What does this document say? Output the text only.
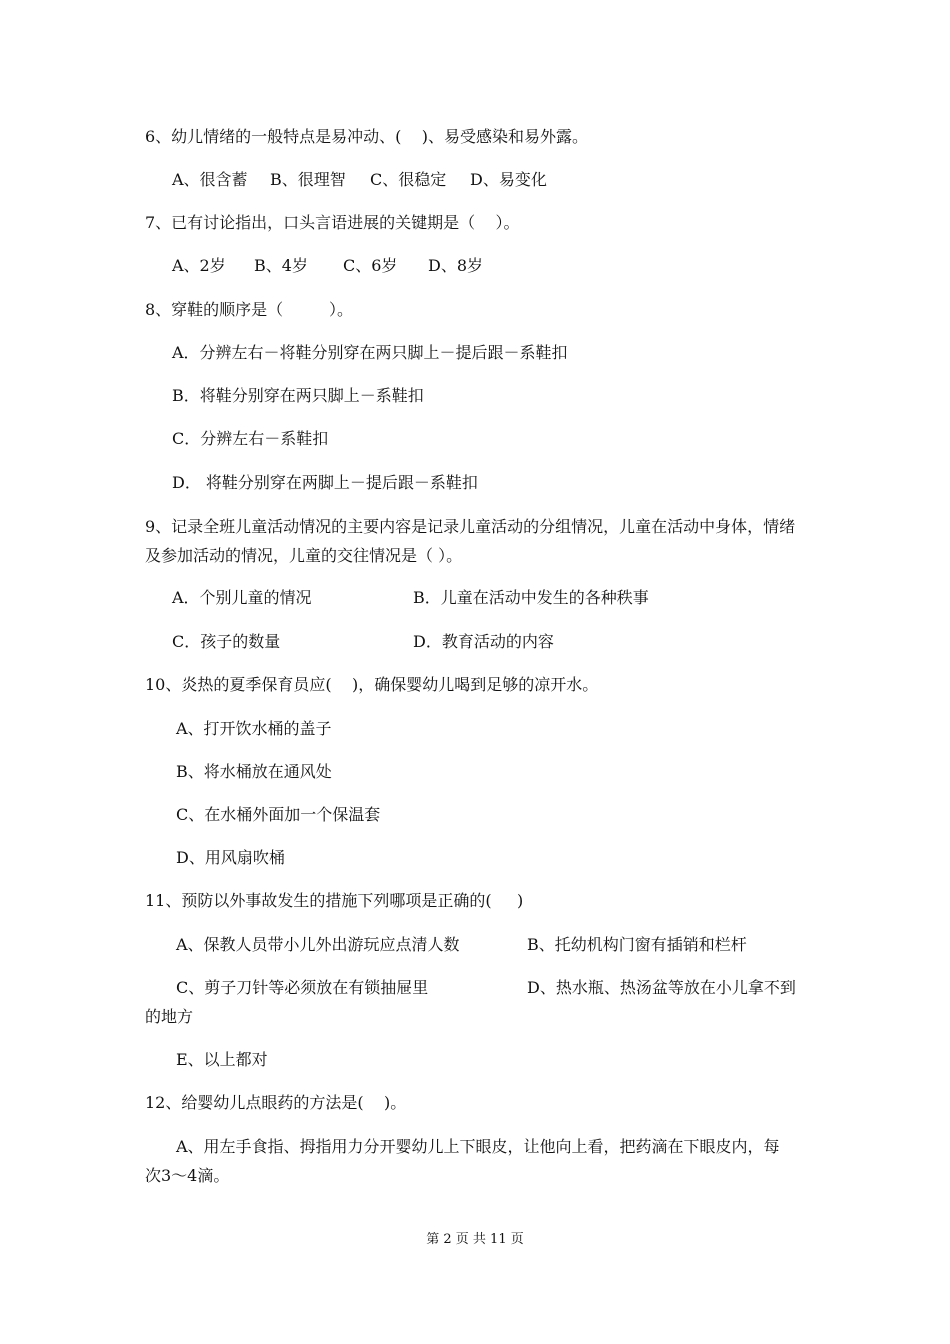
6、幼儿情绪的一般特点是易冲动、(    )、易受感染和易外露。
A、很含蓄 B、很理智 C、很稳定 D、易变化
7、已有讨论指出，口头言语进展的关键期是（    ）。
A、2岁 B、4岁 C、6岁 D、8岁
8、穿鞋的顺序是（         ）。
A．分辨左右－将鞋分别穿在两只脚上－提后跟－系鞋扣
B．将鞋分别穿在两只脚上－系鞋扣
C．分辨左右－系鞋扣
D． 将鞋分别穿在两脚上－提后跟－系鞋扣
9、记录全班儿童活动情况的主要内容是记录儿童活动的分组情况，儿童在活动中身体，情绪及参加活动的情况，儿童的交往情况是（ ）。
A．个别儿童的情况	B．儿童在活动中发生的各种秩事
C．孩子的数量	D．教育活动的内容
10、炎热的夏季保育员应(    )，确保婴幼儿喝到足够的凉开水。
A、打开饮水桶的盖子
B、将水桶放在通风处
C、在水桶外面加一个保温套
D、用风扇吹桶
11、预防以外事故发生的措施下列哪项是正确的(     )
A、保教人员带小儿外出游玩应点清人数	B、托幼机构门窗有插销和栏杆
C、剪子刀针等必须放在有锁抽屉里	D、热水瓶、热汤盆等放在小儿拿不到
的地方
E、以上都对
12、给婴幼儿点眼药的方法是(    )。
A、用左手食指、拇指用力分开婴幼儿上下眼皮，让他向上看，把药滴在下眼皮内，每
次3～4滴。
第 2 页 共 11 页
